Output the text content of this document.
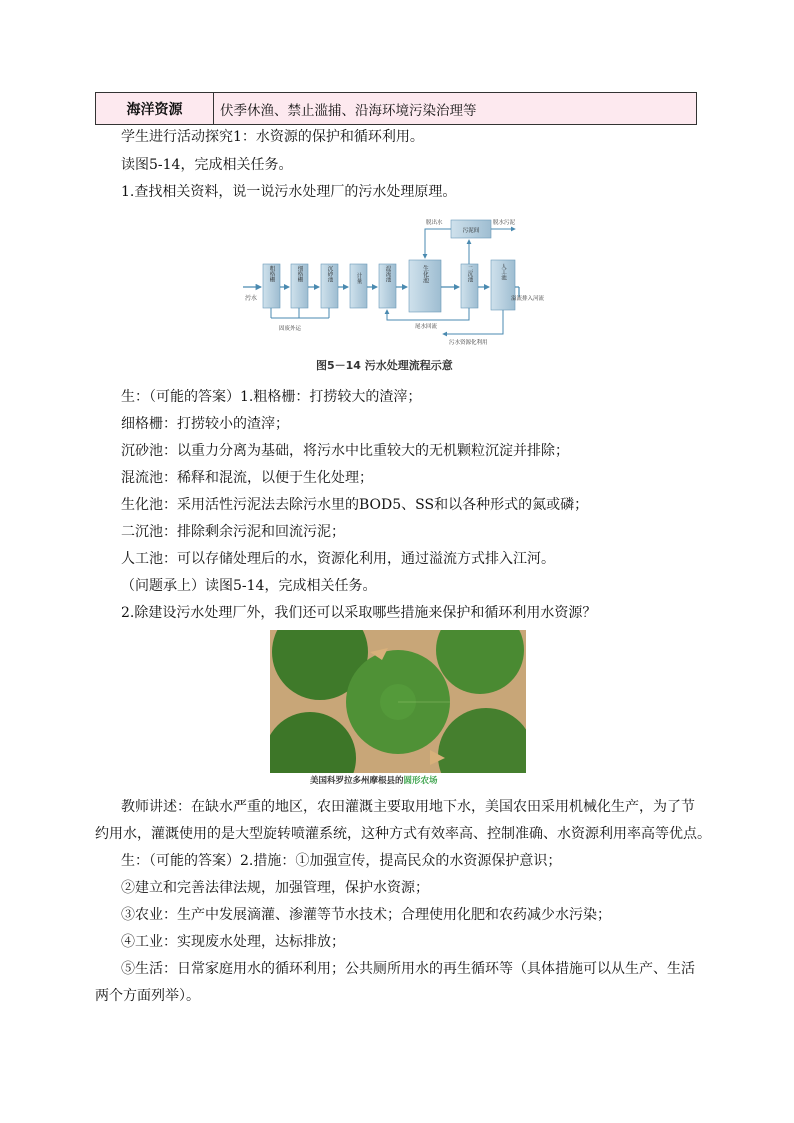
海洋资源	伏季休渔、禁止滥捕、沿海环境污染治理等
学生进行活动探究1：水资源的保护和循环利用。
读图5-14，完成相关任务。
1.查找相关资料，说一说污水处理厂的污水处理原理。
污水
粗格栅	细格栅	沉砂池	计量	混流池	生化池	二沉池	人工池
溢流排入河流
污泥间
脱出水	脱水污泥
固废外运	尾水回流
污水资源化利用
图5－14 污水处理流程示意
生：（可能的答案）1.粗格栅：打捞较大的渣滓；
细格栅：打捞较小的渣滓；
沉砂池：以重力分离为基础，将污水中比重较大的无机颗粒沉淀并排除；
混流池：稀释和混流，以便于生化处理；
生化池：采用活性污泥法去除污水里的BOD5、SS和以各种形式的氮或磷；
二沉池：排除剩余污泥和回流污泥；
人工池：可以存储处理后的水，资源化利用，通过溢流方式排入江河。
（问题承上）读图5-14，完成相关任务。
2.除建设污水处理厂外，我们还可以采取哪些措施来保护和循环利用水资源？
美国科罗拉多州摩根县的圆形农场
教师讲述：在缺水严重的地区，农田灌溉主要取用地下水，美国农田采用机械化生产，为了节
约用水，灌溉使用的是大型旋转喷灌系统，这种方式有效率高、控制准确、水资源利用率高等优点。
生：（可能的答案）2.措施：①加强宣传，提高民众的水资源保护意识；
②建立和完善法律法规，加强管理，保护水资源；
③农业：生产中发展滴灌、渗灌等节水技术；合理使用化肥和农药减少水污染；
④工业：实现废水处理，达标排放；
⑤生活：日常家庭用水的循环利用；公共厕所用水的再生循环等（具体措施可以从生产、生活
两个方面列举）。
